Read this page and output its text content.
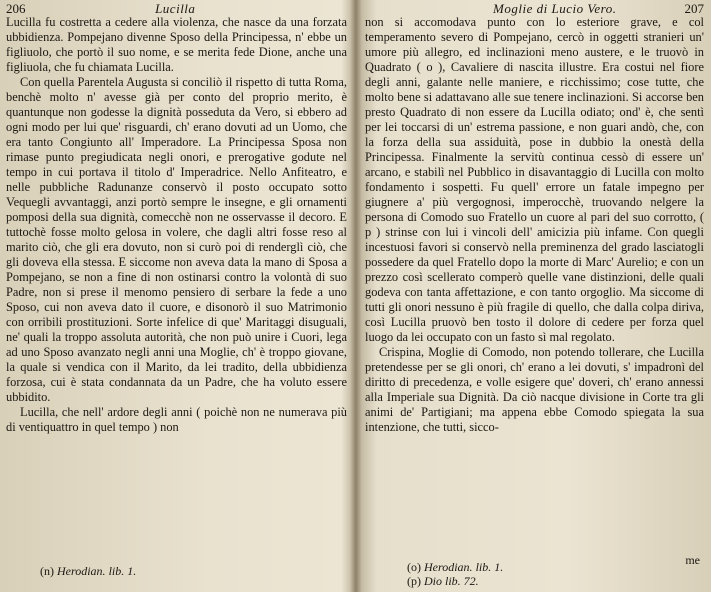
206	Lucilla

Lucilla fu costretta a cedere alla violenza, che nasce da una forzata ubbidienza. Pompejano divenne Sposo della Principessa, n' ebbe un figliuolo, che portò il suo nome, e se merita fede Dione, anche una figliuola, che fu chiamata Lucilla.

Con quella Parentela Augusta si conciliò il rispetto di tutta Roma, benchè molto n' avesse già per conto del proprio merito, è quantunque non godesse la dignità posseduta da Vero, si ebbero ad ogni modo per lui que' risguardi, ch' erano dovuti ad un Uomo, che era tanto Congiunto all' Imperadore. La Principessa Sposa non rimase punto pregiudicata negli onori, e prerogative godute nel tempo in cui portava il titolo d' Imperadrice. Nello Anfiteatro, e nelle pubbliche Radunanze conservò il posto occupato sotto Vequegli avvantaggi, anzi portò sempre le insegne, e gli ornamenti pomposi della sua dignità, comecchè non ne osservasse il decoro. E tuttochè fosse molto gelosa in volere, che dagli altri fosse reso al marito ciò, che gli era dovuto, non si curò poi di renderglì ciò, che gli doveva ella stessa. E siccome non aveva data la mano di Sposa a Pompejano, se non a fine di non ostinarsi contro la volontà di suo Padre, non si prese il menomo pensiero di serbare la fede a uno Sposo, cui non aveva dato il cuore, e disonorò il suo Matrimonio con orribili prostituzioni. Sorte infelice di que' Maritaggi disuguali, ne' quali la troppo assoluta autorità, che non può unire i Cuori, lega ad uno Sposo avanzato negli anni una Moglie, ch' è troppo giovane, la quale si vendica con il Marito, da lei tradito, della ubbidienza forzosa, cui è stata condannata da un Padre, che ha voluto essere ubbidito.

Lucilla, che nell' ardore degli anni ( poichè non ne numerava più di ventiquattro in quel tempo ) non

(n) Herodian. lib. 1.
Moglie di Lucio Vero.	207

non si accomodava punto con lo esteriore grave, e col temperamento severo di Pompejano, cercò in oggetti stranieri un' umore più allegro, ed inclinazioni meno austere, e le truovò in Quadrato ( o ), Cavaliere di nascita illustre. Era costui nel fiore degli anni, galante nelle maniere, e ricchissimo; cose tutte, che molto bene si adattavano alle sue tenere inclinazioni. Si accorse ben presto Quadrato di non essere da Lucilla odiato; ond' è, che sentì per lei toccarsi di un' estrema passione, e non guari andò, che, con la forza della sua assiduità, pose in dubbio la onestà della Principessa. Finalmente la servitù continua cessò di essere un' arcano, e stabilì nel Pubblico in disavantaggio di Lucilla con molto fondamento i sospetti. Fu quell' errore un fatale impegno per giugnere a' più vergognosi, imperocchè, truovando nelgere la persona di Comodo suo Fratello un cuore al pari del suo corrotto, ( p ) strinse con lui i vincoli dell' amicizia più infame. Con quegli incestuosi favori si conservò nella preminenza del grado lasciatogli possedere da quel Fratello dopo la morte di Marc' Aurelio; e con un prezzo così scellerato comperò quelle vane distinzioni, delle quali godeva con tanta affettazione, e con tanto orgoglio. Ma siccome di tutti gli onori nessuno è più fragile di quello, che dalla colpa diriva, così Lucilla pruovò ben tosto il dolore di cedere per forza quel luogo da lei occupato con un fasto sì mal regolato.

Crispina, Moglie di Comodo, non potendo tollerare, che Lucilla pretendesse per se gli onori, ch' erano a lei dovuti, s' impadronì del diritto di precedenza, e volle esigere que' doveri, ch' erano annessi alla Imperiale sua Dignità. Da ciò nacque divisione in Corte tra gli animi de' Partigiani; ma appena ebbe Comodo spiegata la sua intenzione, che tutti, sicco-

me
(o) Herodian. lib. 1.
(p) Dio lib. 72.
